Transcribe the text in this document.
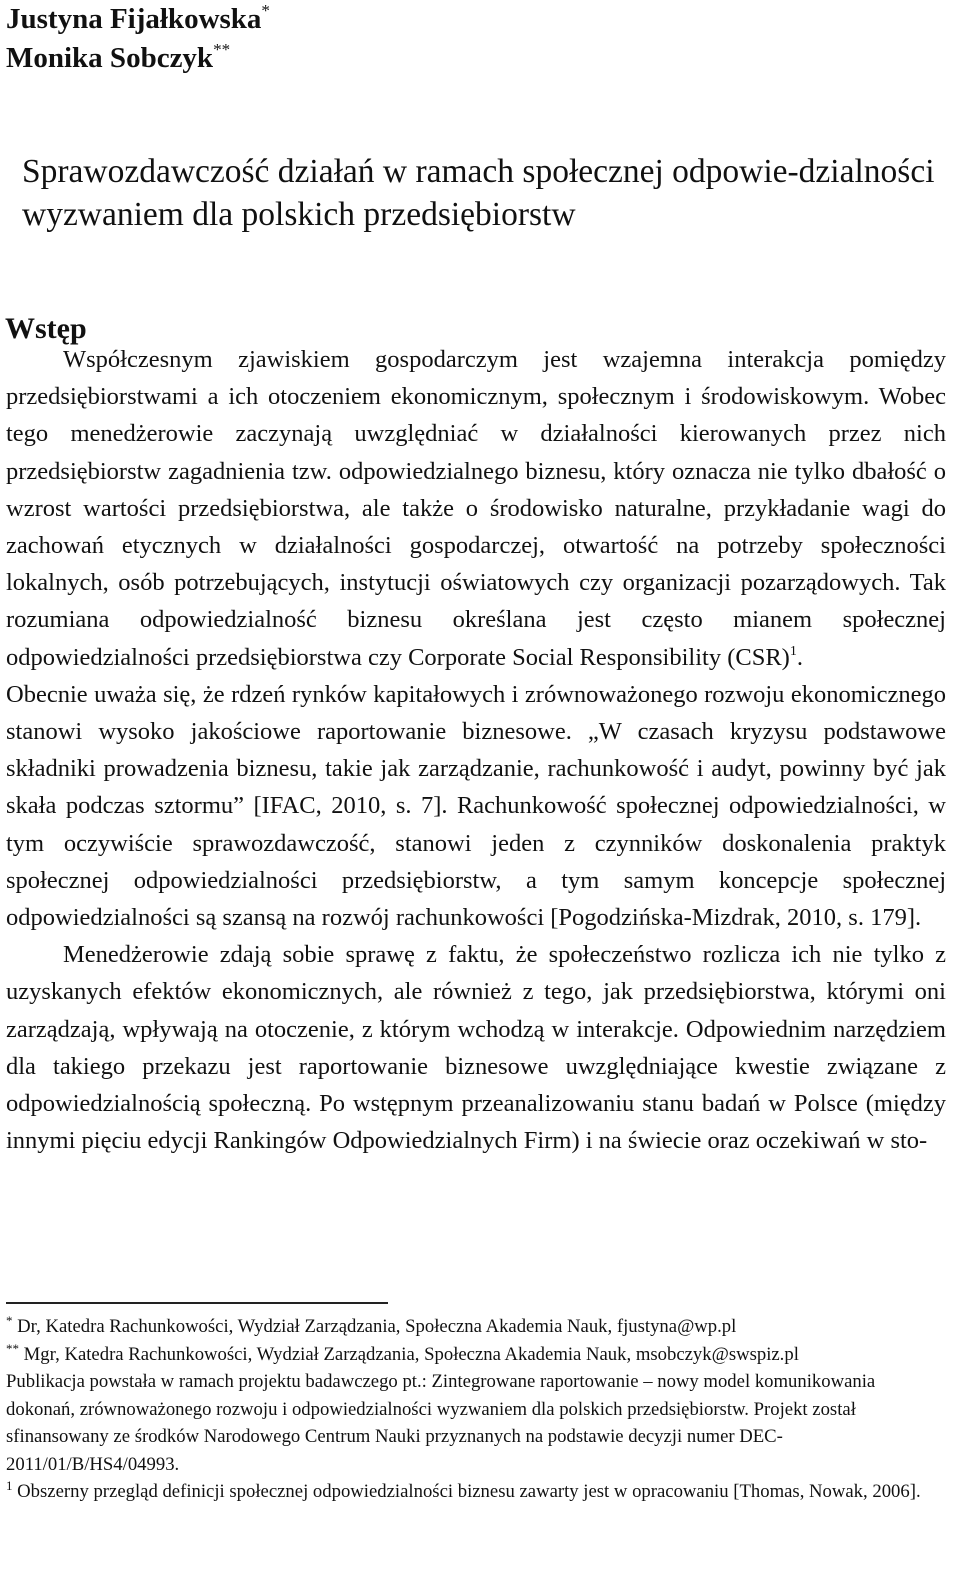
Justyna Fijałkowska*
Monika Sobczyk**
Sprawozdawczość działań w ramach społecznej odpowie-dzialności wyzwaniem dla polskich przedsiębiorstw
Wstęp

Współczesnym zjawiskiem gospodarczym jest wzajemna interakcja pomiędzy przedsiębiorstwami a ich otoczeniem ekonomicznym, społecznym i środowiskowym. Wobec tego menedżerowie zaczynają uwzględniać w działalności kierowanych przez nich przedsiębiorstw zagadnienia tzw. odpowiedzialnego biznesu, który oznacza nie tylko dbałość o wzrost wartości przedsiębiorstwa, ale także o środowisko naturalne, przykładanie wagi do zachowań etycznych w działalności gospodarczej, otwartość na potrzeby społeczności lokalnych, osób potrzebujących, instytucji oświatowych czy organizacji pozarządowych. Tak rozumiana odpowiedzialność biznesu określana jest często mianem społecznej odpowiedzialności przedsiębiorstwa czy Corporate Social Responsibility (CSR)$^1$.

Obecnie uważa się, że rdzeń rynków kapitałowych i zrównoważonego rozwoju ekonomicznego stanowi wysoko jakościowe raportowanie biznesowe. „W czasach kryzysu podstawowe składniki prowadzenia biznesu, takie jak zarządzanie, rachunkowość i audyt, powinny być jak skała podczas sztormu” [IFAC, 2010, s. 7]. Rachunkowość społecznej odpowiedzialności, w tym oczywiście sprawozdawczość, stanowi jeden z czynników doskonalenia praktyk społecznej odpowiedzialności przedsiębiorstw, a tym samym koncepcje społecznej odpowiedzialności są szansą na rozwój rachunkowości [Pogodzińska-Mizdrak, 2010, s. 179].

Menedżerowie zdają sobie sprawę z faktu, że społeczeństwo rozlicza ich nie tylko z uzyskanych efektów ekonomicznych, ale również z tego, jak przedsiębiorstwa, którymi oni zarządzają, wpływają na otoczenie, z którym wchodzą w interakcje. Odpowiednim narzędziem dla takiego przekazu jest raportowanie biznesowe uwzględniające kwestie związane z odpowiedzialnością społeczną. Po wstępnym przeanalizowaniu stanu badań w Polsce (między innymi pięciu edycji Rankingów Odpowiedzialnych Firm) i na świecie oraz oczekiwań w sto-

* Dr, Katedra Rachunkowości, Wydział Zarządzania, Społeczna Akademia Nauk, fjustyna@wp.pl

** Mgr, Katedra Rachunkowości, Wydział Zarządzania, Społeczna Akademia Nauk, msobczyk@swspiz.pl

Publikacja powstała w ramach projektu badawczego pt.: Zintegrowane raportowanie – nowy model komunikowania dokonań, zrównoważonego rozwoju i odpowiedzialności wyzwaniem dla polskich przedsiębiorstw. Projekt został sfinansowany ze środków Narodowego Centrum Nauki przyznanych na podstawie decyzji numer DEC-2011/01/B/HS4/04993.

$^1$ Obszerny przegląd definicji społecznej odpowiedzialności biznesu zawarty jest w opracowaniu [Thomas, Nowak, 2006].
